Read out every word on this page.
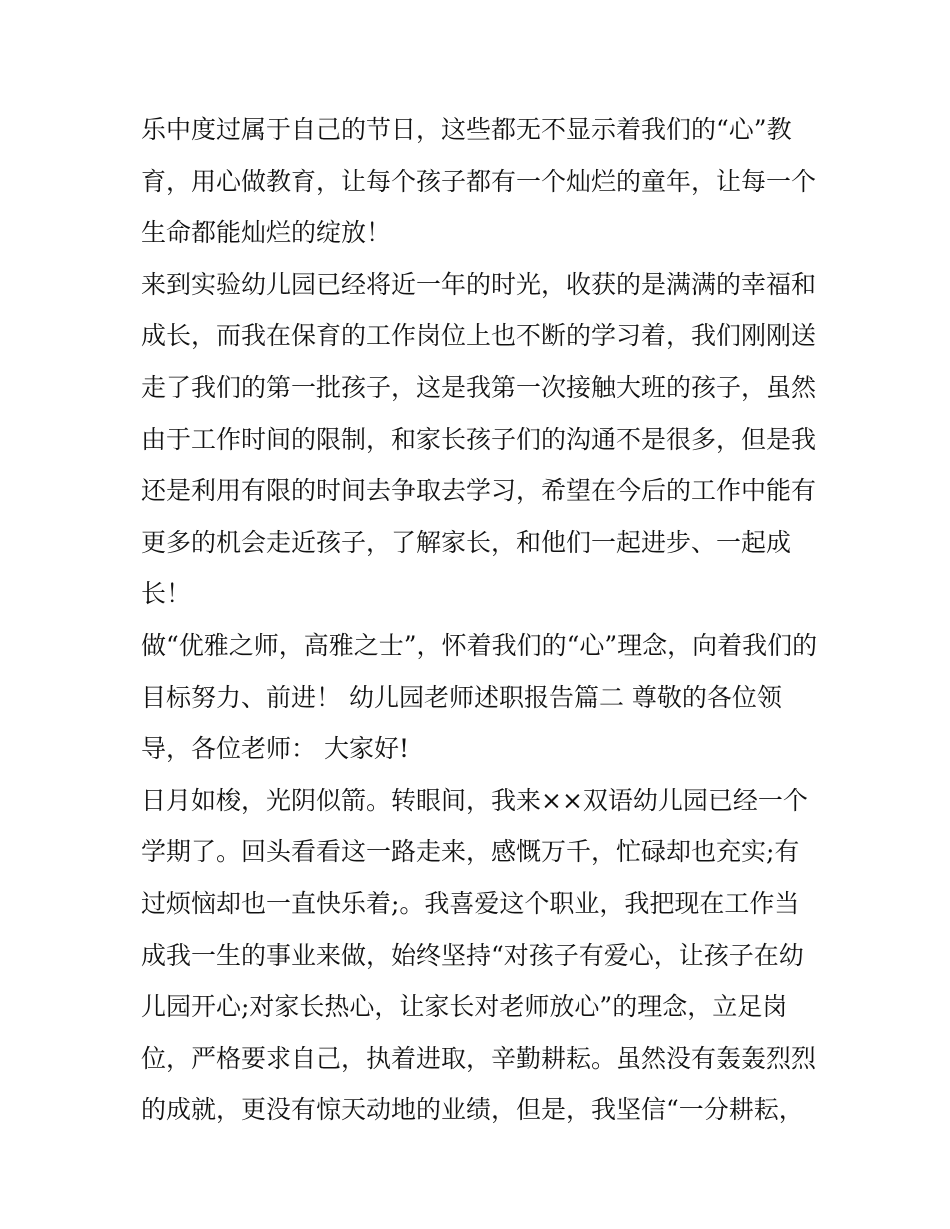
乐中度过属于自己的节日，这些都无不显示着我们的“心”教
育，用心做教育，让每个孩子都有一个灿烂的童年，让每一个
生命都能灿烂的绽放！
来到实验幼儿园已经将近一年的时光，收获的是满满的幸福和
成长，而我在保育的工作岗位上也不断的学习着，我们刚刚送
走了我们的第一批孩子，这是我第一次接触大班的孩子，虽然
由于工作时间的限制，和家长孩子们的沟通不是很多，但是我
还是利用有限的时间去争取去学习，希望在今后的工作中能有
更多的机会走近孩子，了解家长，和他们一起进步、一起成
长！
做“优雅之师，高雅之士”，怀着我们的“心”理念，向着我们的
目标努力、前进！ 幼儿园老师述职报告篇二 尊敬的各位领
导，各位老师： 大家好!
日月如梭，光阴似箭。转眼间，我来××双语幼儿园已经一个
学期了。回头看看这一路走来，感慨万千，忙碌却也充实;有
过烦恼却也一直快乐着;。我喜爱这个职业，我把现在工作当
成我一生的事业来做，始终坚持“对孩子有爱心，让孩子在幼
儿园开心;对家长热心，让家长对老师放心”的理念，立足岗
位，严格要求自己，执着进取，辛勤耕耘。虽然没有轰轰烈烈
的成就，更没有惊天动地的业绩，但是，我坚信“一分耕耘，
